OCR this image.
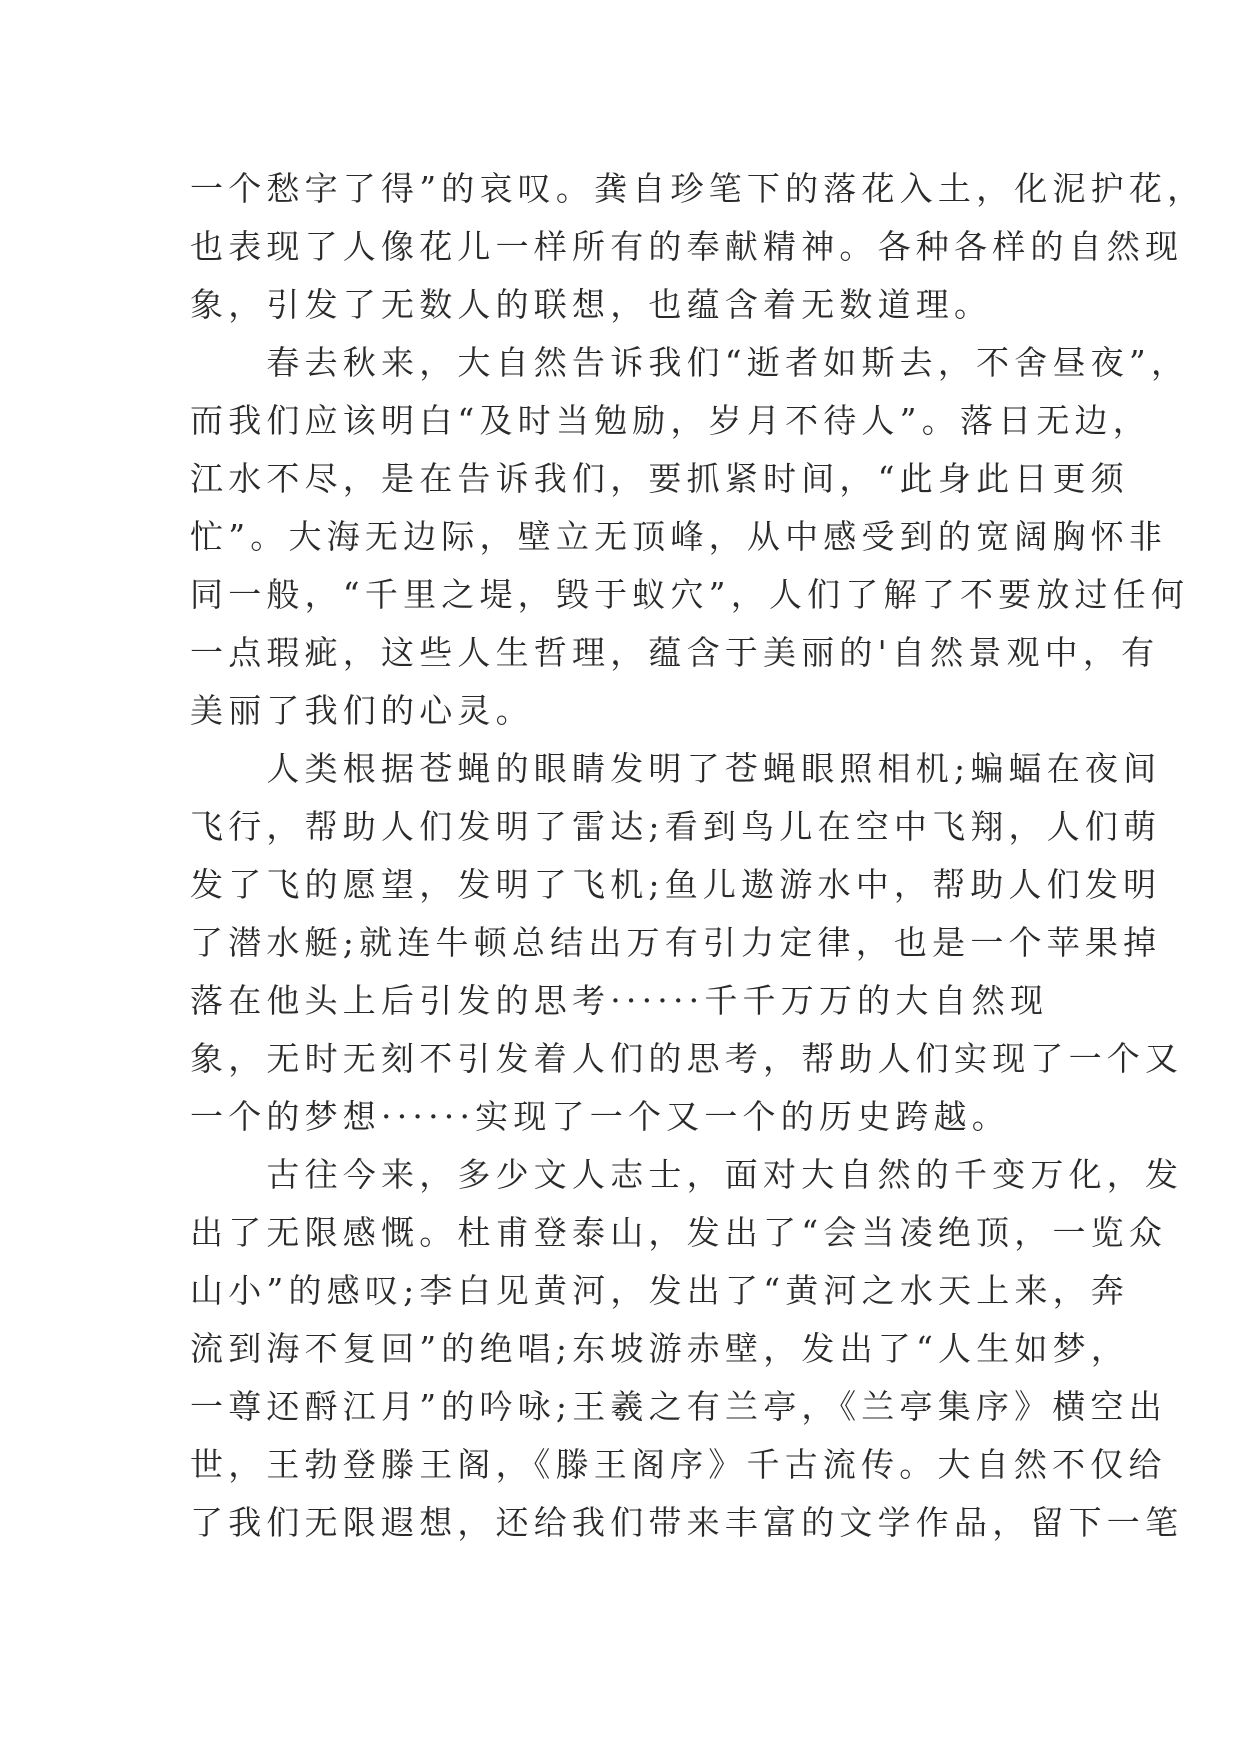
一个愁字了得”的哀叹。龚自珍笔下的落花入土，化泥护花，
也表现了人像花儿一样所有的奉献精神。各种各样的自然现
象，引发了无数人的联想，也蕴含着无数道理。
　　春去秋来，大自然告诉我们“逝者如斯去，不舍昼夜”，
而我们应该明白“及时当勉励，岁月不待人”。落日无边，
江水不尽，是在告诉我们，要抓紧时间，“此身此日更须
忙”。大海无边际，壁立无顶峰，从中感受到的宽阔胸怀非
同一般，“千里之堤，毁于蚁穴”，人们了解了不要放过任何
一点瑕疵，这些人生哲理，蕴含于美丽的'自然景观中，有
美丽了我们的心灵。
　　人类根据苍蝇的眼睛发明了苍蝇眼照相机;蝙蝠在夜间
飞行，帮助人们发明了雷达;看到鸟儿在空中飞翔，人们萌
发了飞的愿望，发明了飞机;鱼儿遨游水中，帮助人们发明
了潜水艇;就连牛顿总结出万有引力定律，也是一个苹果掉
落在他头上后引发的思考······千千万万的大自然现
象，无时无刻不引发着人们的思考，帮助人们实现了一个又
一个的梦想······实现了一个又一个的历史跨越。
　　古往今来，多少文人志士，面对大自然的千变万化，发
出了无限感慨。杜甫登泰山，发出了“会当凌绝顶，一览众
山小”的感叹;李白见黄河，发出了“黄河之水天上来，奔
流到海不复回”的绝唱;东坡游赤壁，发出了“人生如梦，
一尊还酹江月”的吟咏;王羲之有兰亭，《兰亭集序》横空出
世，王勃登滕王阁，《滕王阁序》千古流传。大自然不仅给
了我们无限遐想，还给我们带来丰富的文学作品，留下一笔
